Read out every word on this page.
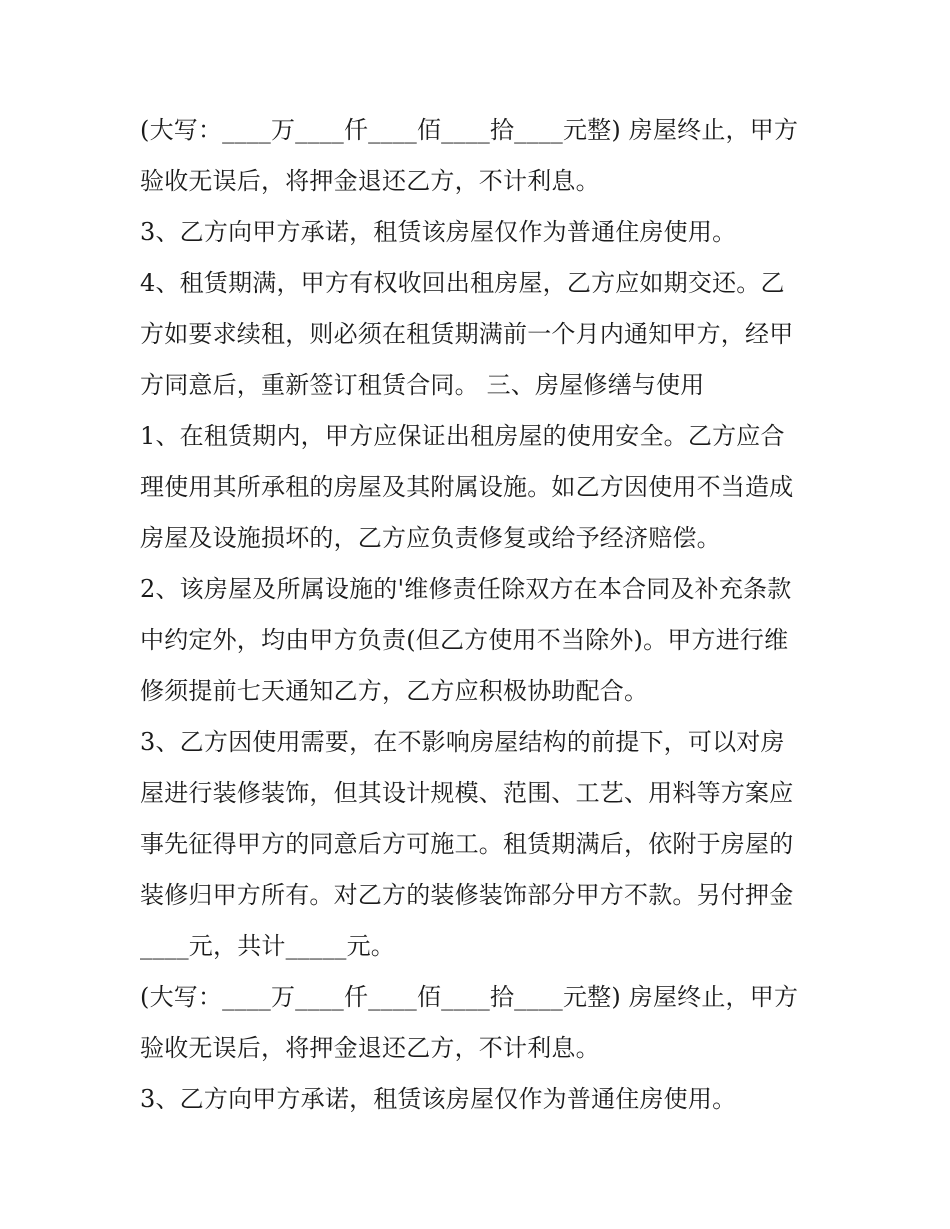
(大写：____万____仟____佰____拾____元整) 房屋终止，甲方
验收无误后，将押金退还乙方，不计利息。
3、乙方向甲方承诺，租赁该房屋仅作为普通住房使用。
4、租赁期满，甲方有权收回出租房屋，乙方应如期交还。乙
方如要求续租，则必须在租赁期满前一个月内通知甲方，经甲
方同意后，重新签订租赁合同。 三、房屋修缮与使用
1、在租赁期内，甲方应保证出租房屋的使用安全。乙方应合
理使用其所承租的房屋及其附属设施。如乙方因使用不当造成
房屋及设施损坏的，乙方应负责修复或给予经济赔偿。
2、该房屋及所属设施的'维修责任除双方在本合同及补充条款
中约定外，均由甲方负责(但乙方使用不当除外)。甲方进行维
修须提前七天通知乙方，乙方应积极协助配合。
3、乙方因使用需要，在不影响房屋结构的前提下，可以对房
屋进行装修装饰，但其设计规模、范围、工艺、用料等方案应
事先征得甲方的同意后方可施工。租赁期满后，依附于房屋的
装修归甲方所有。对乙方的装修装饰部分甲方不款。另付押金
____元，共计_____元。
(大写：____万____仟____佰____拾____元整) 房屋终止，甲方
验收无误后，将押金退还乙方，不计利息。
3、乙方向甲方承诺，租赁该房屋仅作为普通住房使用。
